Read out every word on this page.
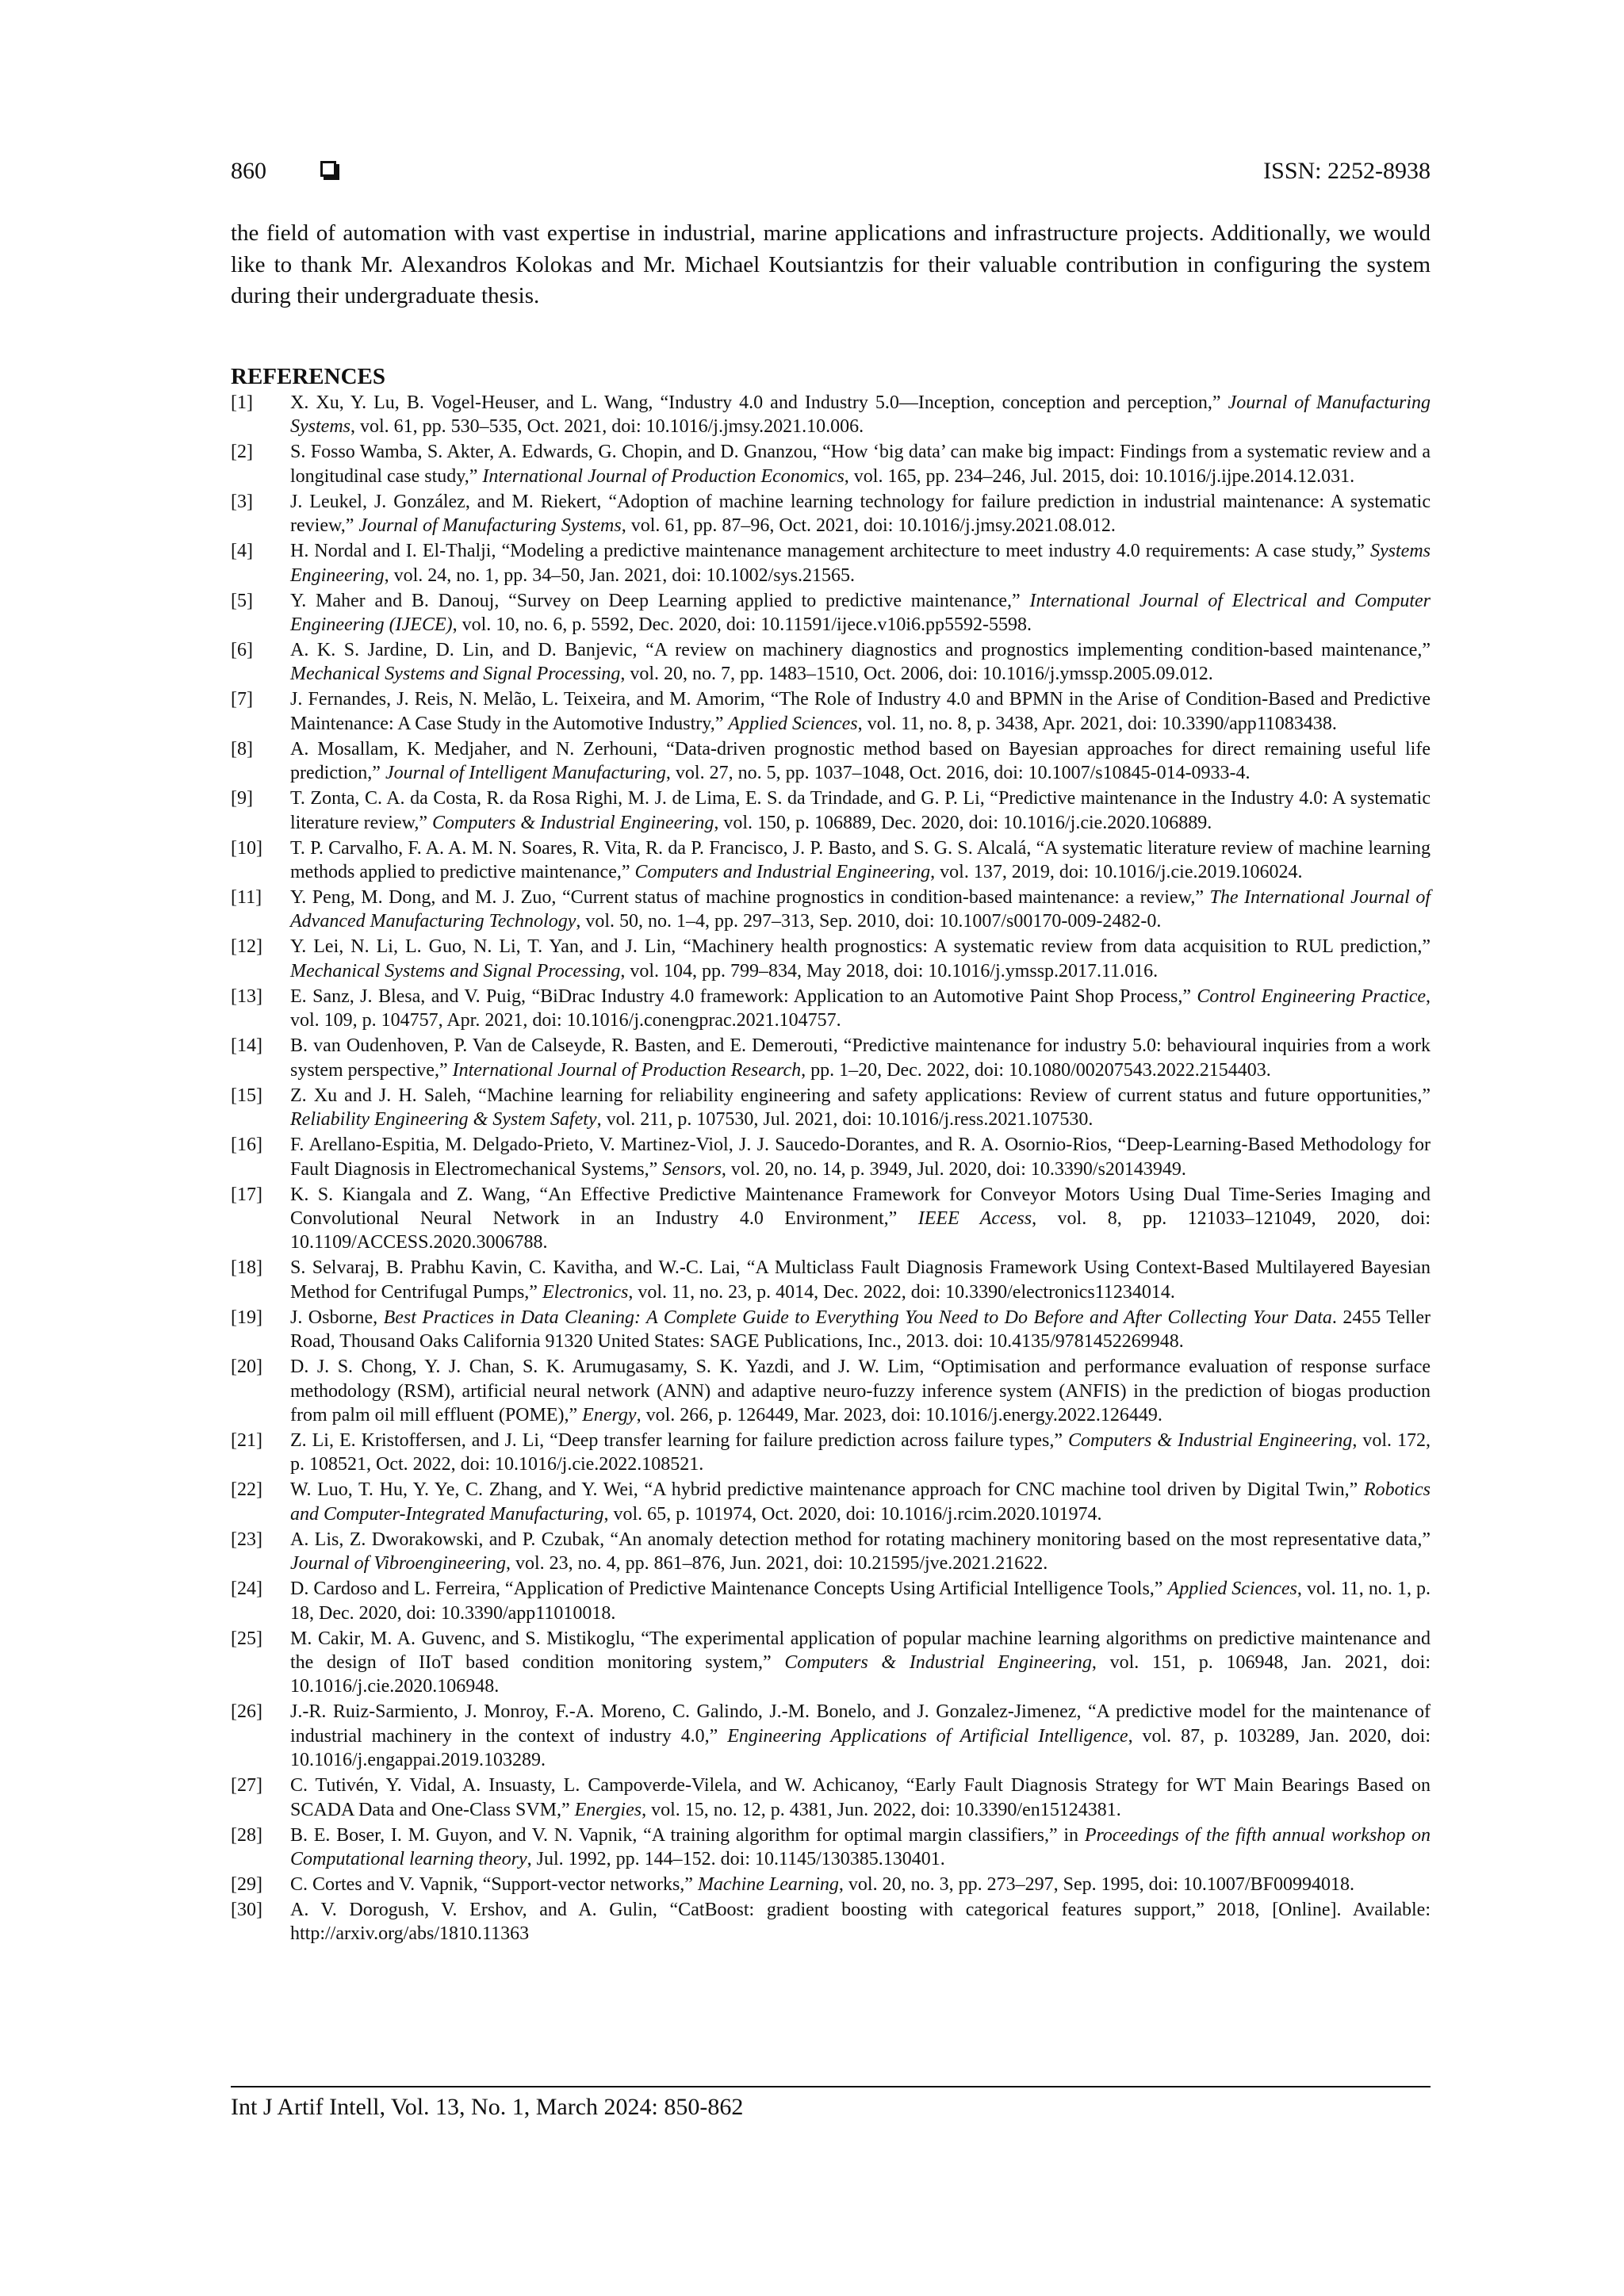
860	ISSN: 2252-8938

the field of automation with vast expertise in industrial, marine applications and infrastructure projects. Additionally, we would like to thank Mr. Alexandros Kolokas and Mr. Michael Koutsiantzis for their valuable contribution in configuring the system during their undergraduate thesis.

REFERENCES
[1] X. Xu, Y. Lu, B. Vogel-Heuser, and L. Wang, “Industry 4.0 and Industry 5.0—Inception, conception and perception,” Journal of Manufacturing Systems, vol. 61, pp. 530–535, Oct. 2021, doi: 10.1016/j.jmsy.2021.10.006.
[2] S. Fosso Wamba, S. Akter, A. Edwards, G. Chopin, and D. Gnanzou, “How ‘big data’ can make big impact: Findings from a systematic review and a longitudinal case study,” International Journal of Production Economics, vol. 165, pp. 234–246, Jul. 2015, doi: 10.1016/j.ijpe.2014.12.031.
[3] J. Leukel, J. González, and M. Riekert, “Adoption of machine learning technology for failure prediction in industrial maintenance: A systematic review,” Journal of Manufacturing Systems, vol. 61, pp. 87–96, Oct. 2021, doi: 10.1016/j.jmsy.2021.08.012.
[4] H. Nordal and I. El-Thalji, “Modeling a predictive maintenance management architecture to meet industry 4.0 requirements: A case study,” Systems Engineering, vol. 24, no. 1, pp. 34–50, Jan. 2021, doi: 10.1002/sys.21565.
[5] Y. Maher and B. Danouj, “Survey on Deep Learning applied to predictive maintenance,” International Journal of Electrical and Computer Engineering (IJECE), vol. 10, no. 6, p. 5592, Dec. 2020, doi: 10.11591/ijece.v10i6.pp5592-5598.
[6] A. K. S. Jardine, D. Lin, and D. Banjevic, “A review on machinery diagnostics and prognostics implementing condition-based maintenance,” Mechanical Systems and Signal Processing, vol. 20, no. 7, pp. 1483–1510, Oct. 2006, doi: 10.1016/j.ymssp.2005.09.012.
[7] J. Fernandes, J. Reis, N. Melão, L. Teixeira, and M. Amorim, “The Role of Industry 4.0 and BPMN in the Arise of Condition-Based and Predictive Maintenance: A Case Study in the Automotive Industry,” Applied Sciences, vol. 11, no. 8, p. 3438, Apr. 2021, doi: 10.3390/app11083438.
[8] A. Mosallam, K. Medjaher, and N. Zerhouni, “Data-driven prognostic method based on Bayesian approaches for direct remaining useful life prediction,” Journal of Intelligent Manufacturing, vol. 27, no. 5, pp. 1037–1048, Oct. 2016, doi: 10.1007/s10845-014-0933-4.
[9] T. Zonta, C. A. da Costa, R. da Rosa Righi, M. J. de Lima, E. S. da Trindade, and G. P. Li, “Predictive maintenance in the Industry 4.0: A systematic literature review,” Computers & Industrial Engineering, vol. 150, p. 106889, Dec. 2020, doi: 10.1016/j.cie.2020.106889.
[10] T. P. Carvalho, F. A. A. M. N. Soares, R. Vita, R. da P. Francisco, J. P. Basto, and S. G. S. Alcalá, “A systematic literature review of machine learning methods applied to predictive maintenance,” Computers and Industrial Engineering, vol. 137, 2019, doi: 10.1016/j.cie.2019.106024.
[11] Y. Peng, M. Dong, and M. J. Zuo, “Current status of machine prognostics in condition-based maintenance: a review,” The International Journal of Advanced Manufacturing Technology, vol. 50, no. 1–4, pp. 297–313, Sep. 2010, doi: 10.1007/s00170-009-2482-0.
[12] Y. Lei, N. Li, L. Guo, N. Li, T. Yan, and J. Lin, “Machinery health prognostics: A systematic review from data acquisition to RUL prediction,” Mechanical Systems and Signal Processing, vol. 104, pp. 799–834, May 2018, doi: 10.1016/j.ymssp.2017.11.016.
[13] E. Sanz, J. Blesa, and V. Puig, “BiDrac Industry 4.0 framework: Application to an Automotive Paint Shop Process,” Control Engineering Practice, vol. 109, p. 104757, Apr. 2021, doi: 10.1016/j.conengprac.2021.104757.
[14] B. van Oudenhoven, P. Van de Calseyde, R. Basten, and E. Demerouti, “Predictive maintenance for industry 5.0: behavioural inquiries from a work system perspective,” International Journal of Production Research, pp. 1–20, Dec. 2022, doi: 10.1080/00207543.2022.2154403.
[15] Z. Xu and J. H. Saleh, “Machine learning for reliability engineering and safety applications: Review of current status and future opportunities,” Reliability Engineering & System Safety, vol. 211, p. 107530, Jul. 2021, doi: 10.1016/j.ress.2021.107530.
[16] F. Arellano-Espitia, M. Delgado-Prieto, V. Martinez-Viol, J. J. Saucedo-Dorantes, and R. A. Osornio-Rios, “Deep-Learning-Based Methodology for Fault Diagnosis in Electromechanical Systems,” Sensors, vol. 20, no. 14, p. 3949, Jul. 2020, doi: 10.3390/s20143949.
[17] K. S. Kiangala and Z. Wang, “An Effective Predictive Maintenance Framework for Conveyor Motors Using Dual Time-Series Imaging and Convolutional Neural Network in an Industry 4.0 Environment,” IEEE Access, vol. 8, pp. 121033–121049, 2020, doi: 10.1109/ACCESS.2020.3006788.
[18] S. Selvaraj, B. Prabhu Kavin, C. Kavitha, and W.-C. Lai, “A Multiclass Fault Diagnosis Framework Using Context-Based Multilayered Bayesian Method for Centrifugal Pumps,” Electronics, vol. 11, no. 23, p. 4014, Dec. 2022, doi: 10.3390/electronics11234014.
[19] J. Osborne, Best Practices in Data Cleaning: A Complete Guide to Everything You Need to Do Before and After Collecting Your Data. 2455 Teller Road, Thousand Oaks California 91320 United States: SAGE Publications, Inc., 2013. doi: 10.4135/9781452269948.
[20] D. J. S. Chong, Y. J. Chan, S. K. Arumugasamy, S. K. Yazdi, and J. W. Lim, “Optimisation and performance evaluation of response surface methodology (RSM), artificial neural network (ANN) and adaptive neuro-fuzzy inference system (ANFIS) in the prediction of biogas production from palm oil mill effluent (POME),” Energy, vol. 266, p. 126449, Mar. 2023, doi: 10.1016/j.energy.2022.126449.
[21] Z. Li, E. Kristoffersen, and J. Li, “Deep transfer learning for failure prediction across failure types,” Computers & Industrial Engineering, vol. 172, p. 108521, Oct. 2022, doi: 10.1016/j.cie.2022.108521.
[22] W. Luo, T. Hu, Y. Ye, C. Zhang, and Y. Wei, “A hybrid predictive maintenance approach for CNC machine tool driven by Digital Twin,” Robotics and Computer-Integrated Manufacturing, vol. 65, p. 101974, Oct. 2020, doi: 10.1016/j.rcim.2020.101974.
[23] A. Lis, Z. Dworakowski, and P. Czubak, “An anomaly detection method for rotating machinery monitoring based on the most representative data,” Journal of Vibroengineering, vol. 23, no. 4, pp. 861–876, Jun. 2021, doi: 10.21595/jve.2021.21622.
[24] D. Cardoso and L. Ferreira, “Application of Predictive Maintenance Concepts Using Artificial Intelligence Tools,” Applied Sciences, vol. 11, no. 1, p. 18, Dec. 2020, doi: 10.3390/app11010018.
[25] M. Cakir, M. A. Guvenc, and S. Mistikoglu, “The experimental application of popular machine learning algorithms on predictive maintenance and the design of IIoT based condition monitoring system,” Computers & Industrial Engineering, vol. 151, p. 106948, Jan. 2021, doi: 10.1016/j.cie.2020.106948.
[26] J.-R. Ruiz-Sarmiento, J. Monroy, F.-A. Moreno, C. Galindo, J.-M. Bonelo, and J. Gonzalez-Jimenez, “A predictive model for the maintenance of industrial machinery in the context of industry 4.0,” Engineering Applications of Artificial Intelligence, vol. 87, p. 103289, Jan. 2020, doi: 10.1016/j.engappai.2019.103289.
[27] C. Tutivén, Y. Vidal, A. Insuasty, L. Campoverde-Vilela, and W. Achicanoy, “Early Fault Diagnosis Strategy for WT Main Bearings Based on SCADA Data and One-Class SVM,” Energies, vol. 15, no. 12, p. 4381, Jun. 2022, doi: 10.3390/en15124381.
[28] B. E. Boser, I. M. Guyon, and V. N. Vapnik, “A training algorithm for optimal margin classifiers,” in Proceedings of the fifth annual workshop on Computational learning theory, Jul. 1992, pp. 144–152. doi: 10.1145/130385.130401.
[29] C. Cortes and V. Vapnik, “Support-vector networks,” Machine Learning, vol. 20, no. 3, pp. 273–297, Sep. 1995, doi: 10.1007/BF00994018.
[30] A. V. Dorogush, V. Ershov, and A. Gulin, “CatBoost: gradient boosting with categorical features support,” 2018, [Online]. Available: http://arxiv.org/abs/1810.11363
Int J Artif Intell, Vol. 13, No. 1, March 2024: 850-862
